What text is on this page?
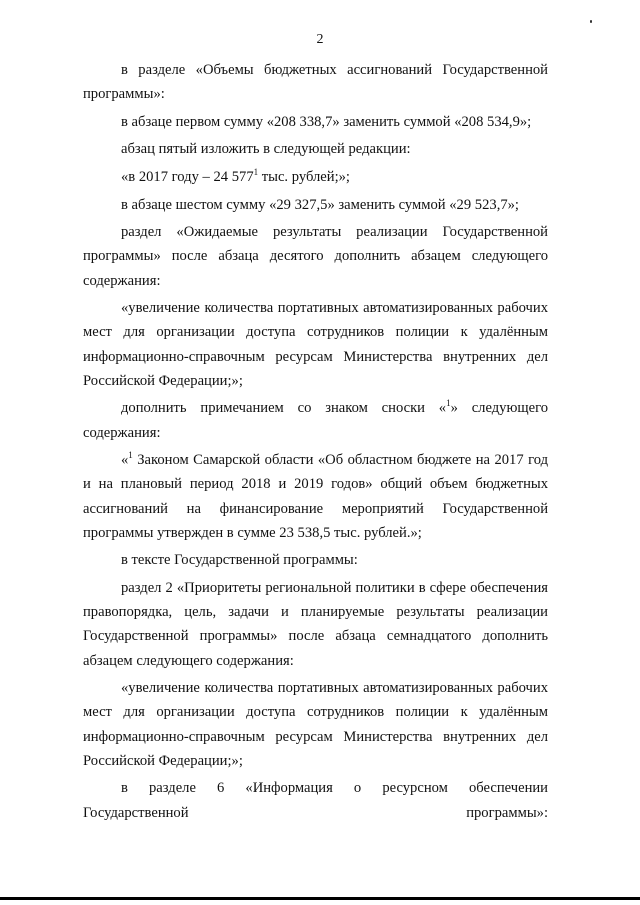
2

в разделе «Объемы бюджетных ассигнований Государственной программы»:

в абзаце первом сумму «208 338,7» заменить суммой «208 534,9»;

абзац пятый изложить в следующей редакции:

«в 2017 году – 24 $577^1$ тыс. рублей;»;

в абзаце шестом сумму «29 327,5» заменить суммой «29 523,7»;

раздел «Ожидаемые результаты реализации Государственной программы» после абзаца десятого дополнить абзацем следующего содержания:

«увеличение количества портативных автоматизированных рабочих мест для организации доступа сотрудников полиции к удалённым информационно-справочным ресурсам Министерства внутренних дел Российской Федерации;»;

дополнить примечанием со знаком сноски «$^1$» следующего содержания:

«$^1$ Законом Самарской области «Об областном бюджете на 2017 год и на плановый период 2018 и 2019 годов» общий объем бюджетных ассигнований на финансирование мероприятий Государственной программы утвержден в сумме 23 538,5 тыс. рублей.»;

в тексте Государственной программы:

раздел 2 «Приоритеты региональной политики в сфере обеспечения правопорядка, цель, задачи и планируемые результаты реализации Государственной программы» после абзаца семнадцатого дополнить абзацем следующего содержания:

«увеличение количества портативных автоматизированных рабочих мест для организации доступа сотрудников полиции к удалённым информационно-справочным ресурсам Министерства внутренних дел Российской Федерации;»;

в разделе 6 «Информация о ресурсном обеспечении Государственной программы»:
